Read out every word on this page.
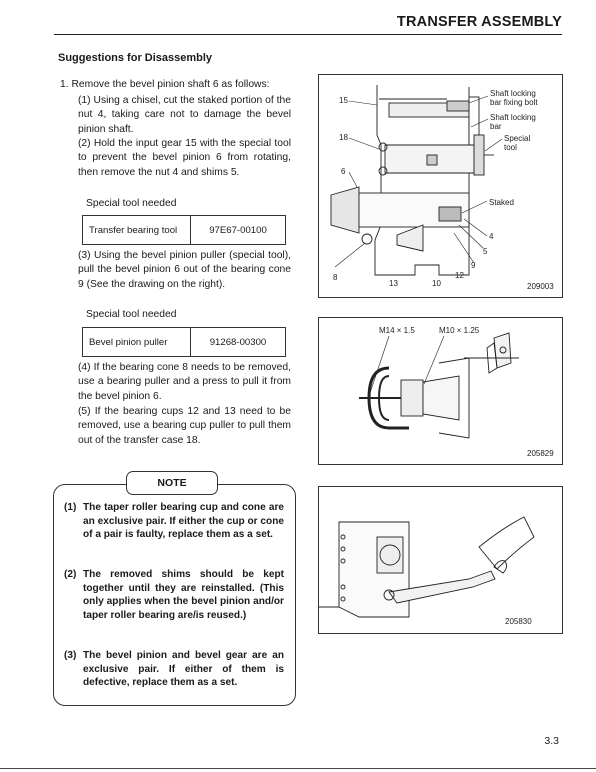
TRANSFER ASSEMBLY
Suggestions for Disassembly
1. Remove the bevel pinion shaft 6 as follows:
(1) Using a chisel, cut the staked portion of the nut 4, taking care not to damage the bevel pinion shaft.
(2) Hold the input gear 15 with the special tool to prevent the bevel pinion 6 from rotating, then remove the nut 4 and shims 5.
Special tool needed
Transfer bearing tool	97E67-00100
(3) Using the bevel pinion puller (special tool), pull the bevel pinion 6 out of the bearing cone 9 (See the drawing on the right).
Special tool needed
Bevel pinion puller	91268-00300
(4) If the bearing cone 8 needs to be removed, use a bearing puller and a press to pull it from the bevel pinion 6.
(5) If the bearing cups 12 and 13 need to be removed, use a bearing cup puller to pull them out of the transfer case 18.
NOTE
(1) The taper roller bearing cup and cone are an exclusive pair. If either the cup or cone of a pair is faulty, replace them as a set.
(2) The removed shims should be kept together until they are reinstalled. (This only applies when the bevel pinion and/or taper roller bearing are/is reused.)
(3) The bevel pinion and bevel gear are an exclusive pair. If either of them is defective, replace them as a set.
15
18
6
8
13	10
12
9
5
4
Shaft locking
bar fixing bolt
Shaft locking
bar
Special
tool
Staked
209003
M14 × 1.5	M10 × 1.25
205829
205830
3.3
